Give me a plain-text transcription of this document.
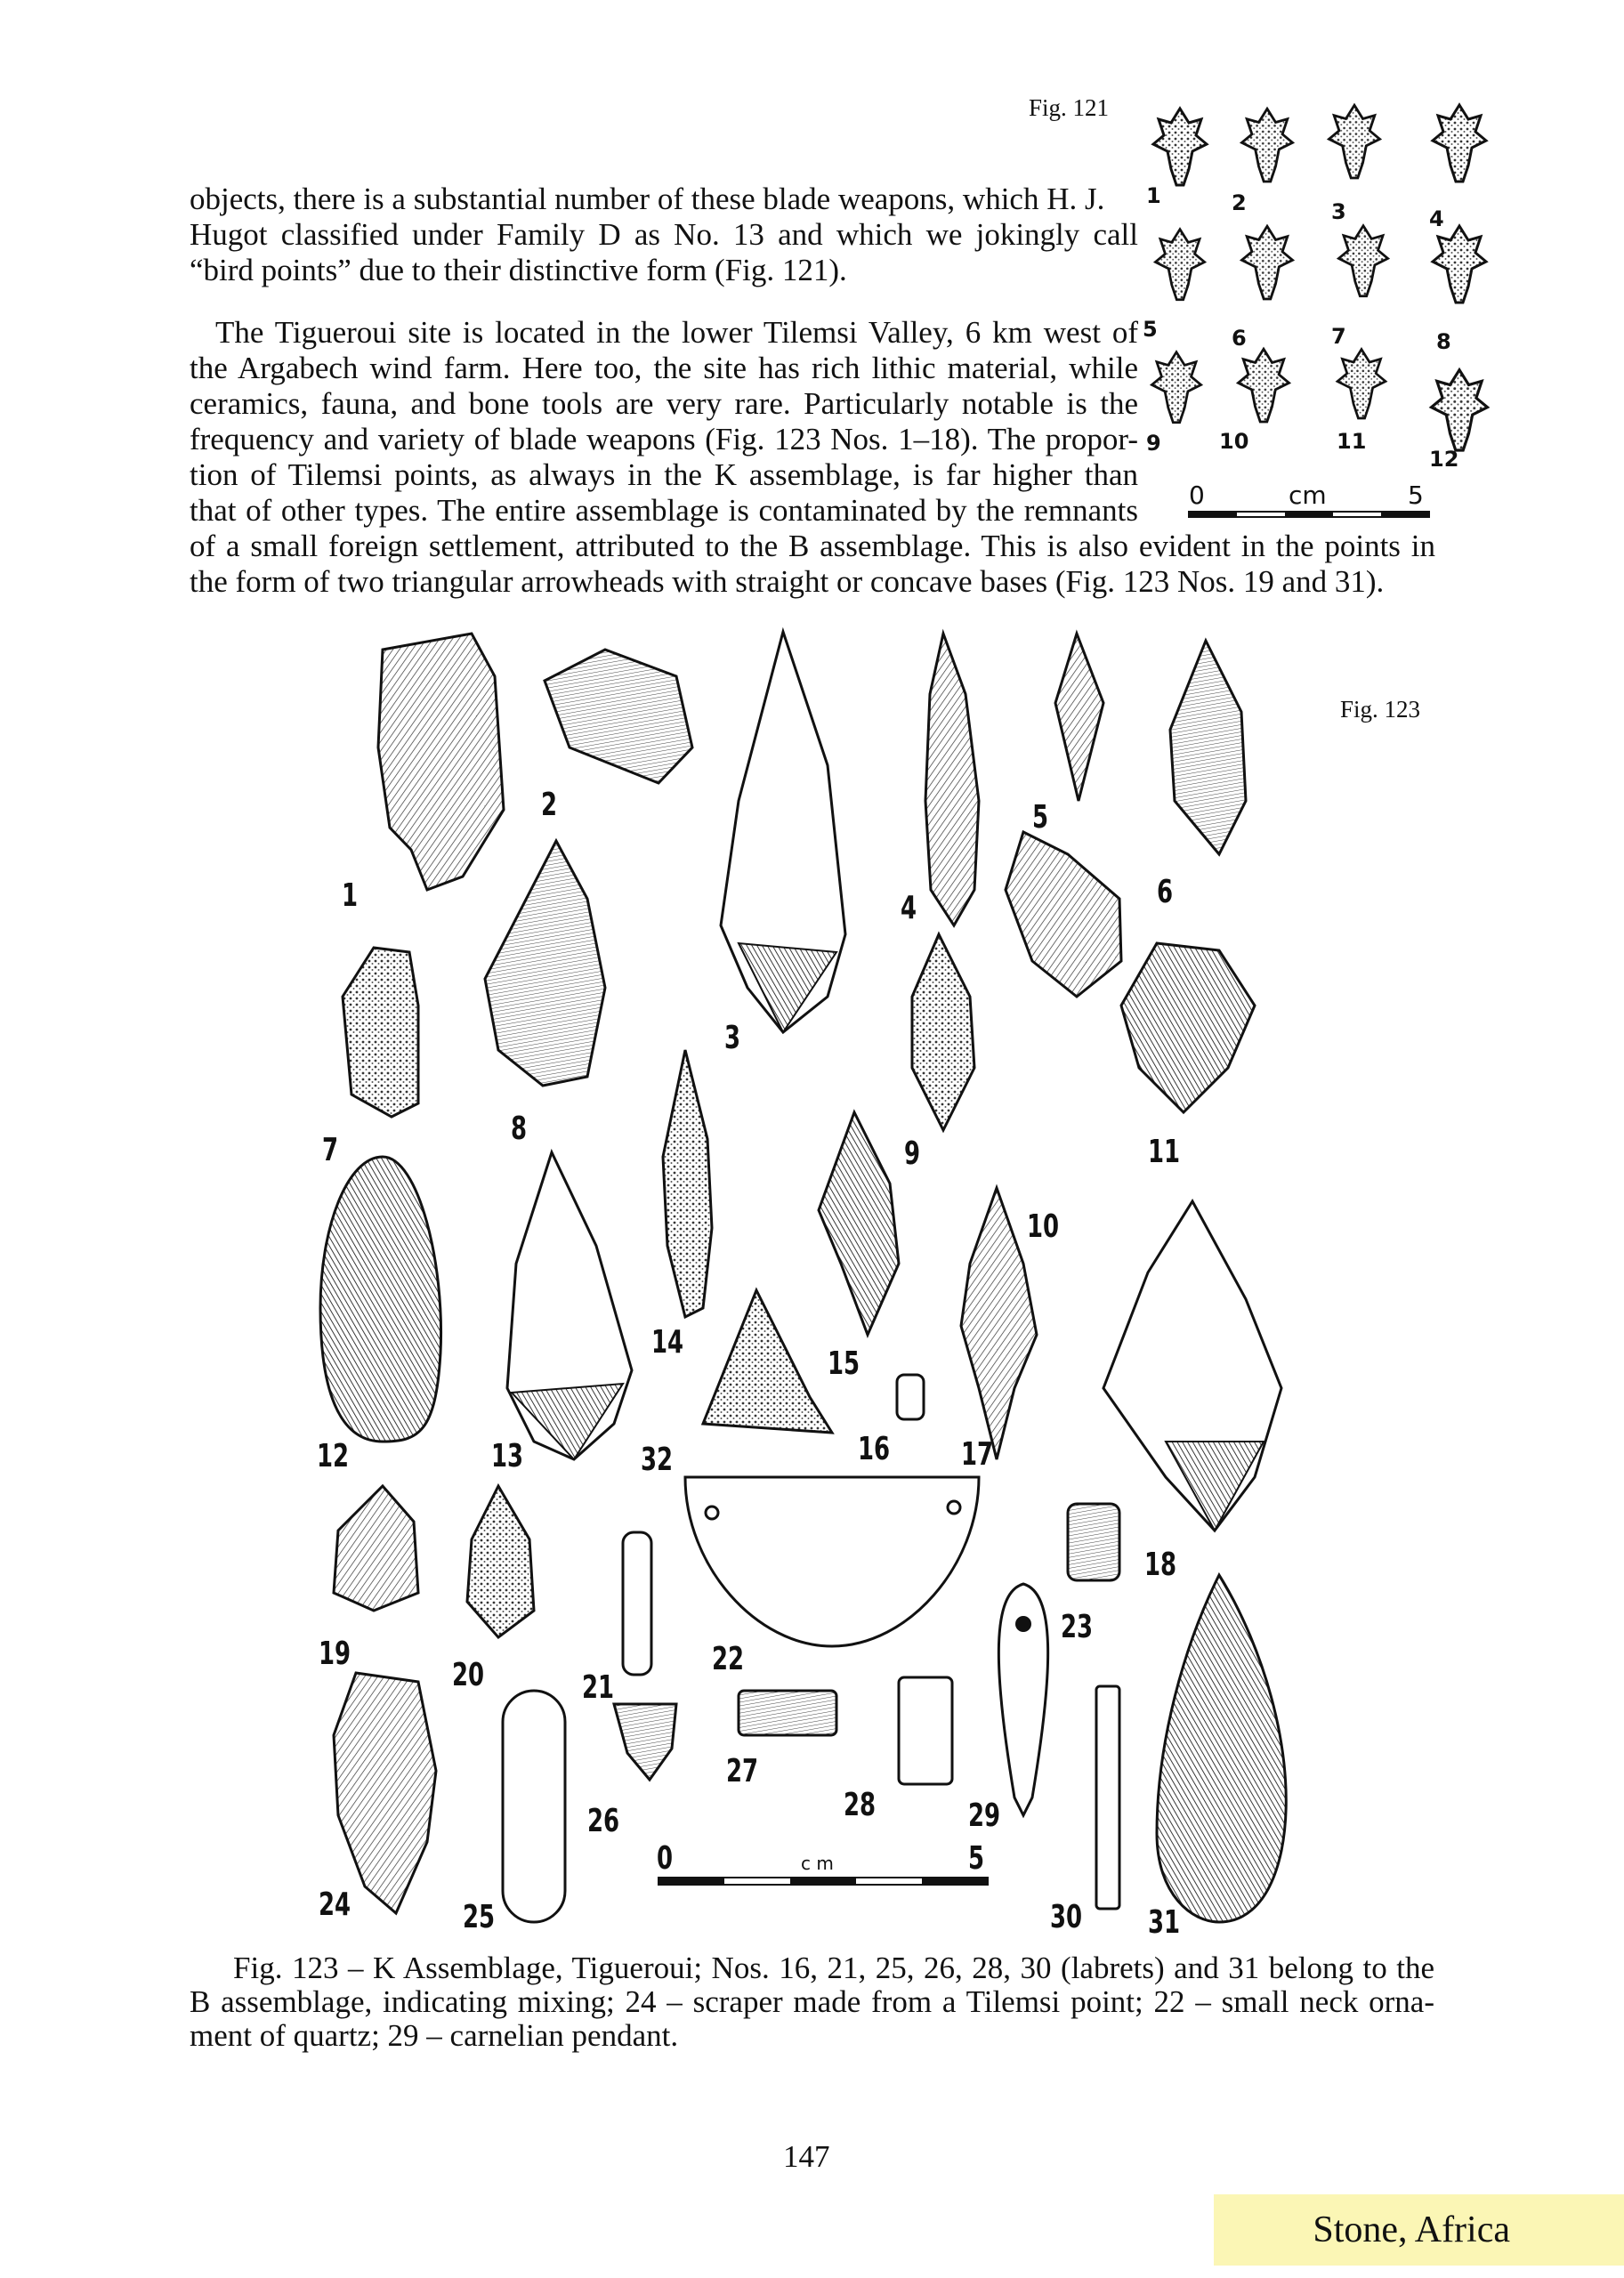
Fig. 121
1	2	3	4
5	6	7	8
9	10	11
12
0	cm	5
objects, there is a substantial number of these blade weapons, which H. J.
Hugot classified under Family D as No. 13 and which we jokingly call
“bird points” due to their distinctive form (Fig. 121).
The Tigueroui site is located in the lower Tilemsi Valley, 6 km west of
the Argabech wind farm. Here too, the site has rich lithic material, while
ceramics, fauna, and bone tools are very rare. Particularly notable is the
frequency and variety of blade weapons (Fig. 123 Nos. 1–18). The propor-
tion of Tilemsi points, as always in the K assemblage, is far higher than
that of other types. The entire assemblage is contaminated by the remnants
of a small foreign settlement, attributed to the B assemblage. This is also evident in the points in
the form of two triangular arrowheads with straight or concave bases (Fig. 123 Nos. 19 and 31).
Fig. 123
1
2
3
4
5
6
7
8
9
10
11
12	13
14
15
16 17
18
19
20	21
22
23
24	25
26
27
28	29
30 31
32
0	c m	5
Fig. 123 – K Assemblage, Tigueroui; Nos. 16, 21, 25, 26, 28, 30 (labrets) and 31 belong to the
B assemblage, indicating mixing; 24 – scraper made from a Tilemsi point; 22 – small neck orna-
ment of quartz; 29 – carnelian pendant.
147
Stone, Africa
